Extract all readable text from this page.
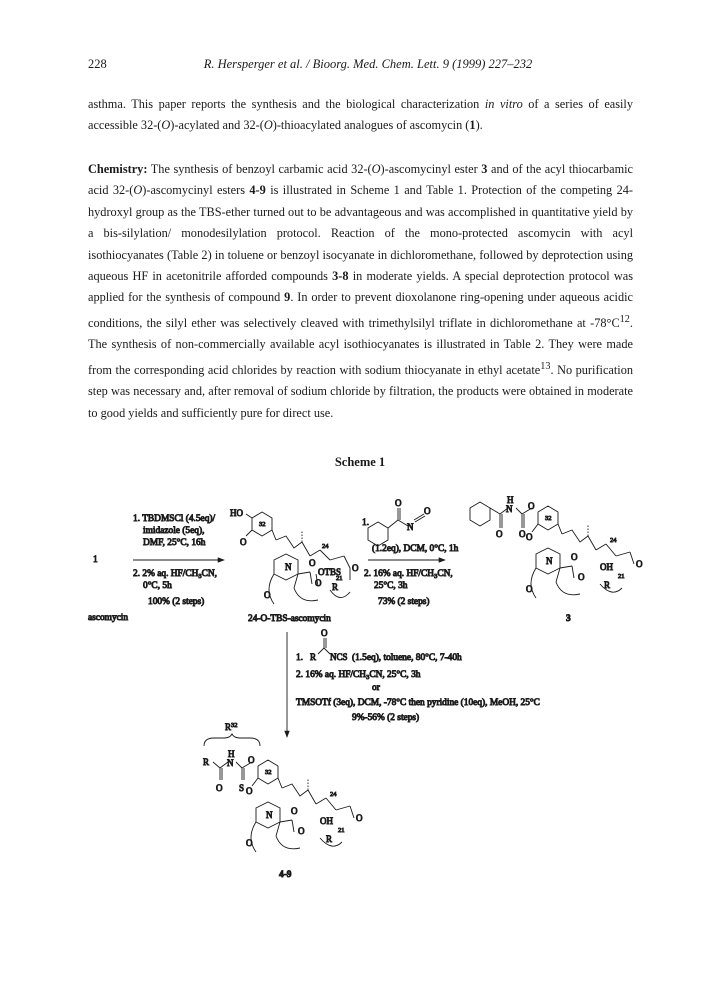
228	R. Hersperger et al. / Bioorg. Med. Chem. Lett. 9 (1999) 227–232
asthma. This paper reports the synthesis and the biological characterization in vitro of a series of easily accessible 32-(O)-acylated and 32-(O)-thioacylated analogues of ascomycin (1).
Chemistry: The synthesis of benzoyl carbamic acid 32-(O)-ascomycinyl ester 3 and of the acyl thiocarbamic acid 32-(O)-ascomycinyl esters 4-9 is illustrated in Scheme 1 and Table 1. Protection of the competing 24-hydroxyl group as the TBS-ether turned out to be advantageous and was accomplished in quantitative yield by a bis-silylation/ monodesilylation protocol. Reaction of the mono-protected ascomycin with acyl isothiocyanates (Table 2) in toluene or benzoyl isocyanate in dichloromethane, followed by deprotection using aqueous HF in acetonitrile afforded compounds 3-8 in moderate yields. A special deprotection protocol was applied for the synthesis of compound 9. In order to prevent dioxolanone ring-opening under aqueous acidic conditions, the silyl ether was selectively cleaved with trimethylsilyl triflate in dichloromethane at $-78^\circ C^{12}$. The synthesis of non-commercially available acyl isothiocyanates is illustrated in Table 2. They were made from the corresponding acid chlorides by reaction with sodium thiocyanate in ethyl acetate$^{13}$. No purification step was necessary and, after removal of sodium chloride by filtration, the products were obtained in moderate to good yields and sufficiently pure for direct use.
Scheme 1
1
ascomycin
1. TBDMSCl (4.5eq)/
imidazole (5eq),
DMF, 25°C, 16h
2. 2% aq. $HF/CH_3CN$,
0°C, 5h
100% (2 steps)
HO
32
O	24
N O
O
OTBS O
O
21
R
24-O-TBS-ascomycin
O
N
O
1.
(1.2eq), DCM, 0°C, 1h
2. 16% aq. $HF/CH_3CN$,
25°C, 3h
73% (2 steps)
H
N O
O O
32
O	24
N O
O
OH	O
O
21
R
3
O
1. R NCS (1.5eq), toluene, 80°C, 7-40h
2. 16% aq. $HF/CH_3CN$, 25°C, 3h
or
TMSOTf (3eq), DCM, -78°C then pyridine (10eq), MeOH, 25°C
9%-56% (2 steps)
$R^{32}$
R
H
N O
O S
32
O	24
N O
O
OH	O
O
21
R
4-9
